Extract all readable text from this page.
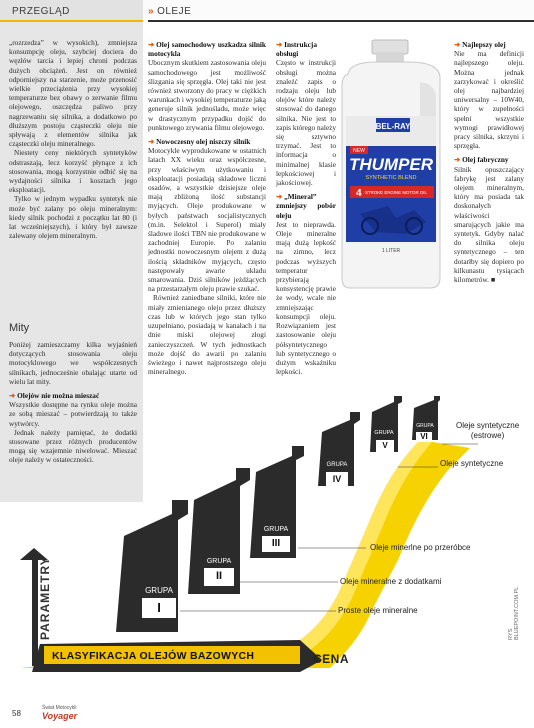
PRZEGLĄD	» OLEJE

„rozrzedza” w wysokich), zmniejsza konsumpcję oleju, szybciej dociera do węzłów tarcia i lepiej chroni podczas dużych obciążeń. Jest on również odporniejszy na starzenie, może przenosić wielkie przeciążenia przy wysokiej temperaturze bez obawy o zerwanie filmu olejowego, oszczędza paliwo przy nagrzewaniu się silnika, a dodatkowo po dłuższym postoju cząsteczki oleju nie spływają z elementów silnika jak cząsteczki oleju mineralnego.

Niestety ceny niektórych syntetyków odstraszają, lecz korzyść płynące z ich stosowania, mogą korzystnie odbić się na wydajności silnika i kosztach jego eksploatacji.

Tylko w jednym wypadku syntetyk nie może być zalany po oleju mineralnym: kiedy silnik pochodzi z początku lat 80 (i lat wcześniejszych), i który był zawsze zalewany olejem mineralnym.

Mity

Poniżej zamieszczamy kilka wyjaśnień dotyczących stosowania oleju motocyklowego we współczesnych silnikach, jednocześnie obalając utarte od wielu lat mity.

➜ Olejów nie można mieszać

Wszystkie dostępne na rynku oleje można ze sobą mieszać – potwierdzają to także wytwórcy.

Jednak należy pamiętać, że dodatki stosowane przez różnych producentów mogą się wzajemnie niwelować. Mieszać oleje należy w ostateczności.

➜ Olej samochodowy uszkadza silnik motocykla

Ubocznym skutkiem zastosowania oleju samochodowego jest możliwość ślizgania się sprzęgła. Olej taki nie jest również stworzony do pracy w ciężkich warunkach i wysokiej temperaturze jaką generuje silnik jednośladu, może więc w drastycznym przypadku dojść do punktowego zrywania filmu olejowego.

➜ Nowoczesny olej niszczy silnik

Motocykle wyprodukowane w ostatnich latach XX wieku oraz współczesne, przy właściwym użytkowaniu i eksploatacji posiadają składowe liczni osadów, a wszystkie dzisiejsze oleje mają zbliżoną ilość substancji myjących. Oleje produkowane w byłych państwach socjalistycznych (m.in. Selektol i Superol) miały śladowe ilości TBN nie produkowane w zachodniej Europie. Po zalaniu jednostki nowoczesnym olejem z dużą ilością składników myjących, często następowały awarie układu smarowania. Dziś silników jeżdżących na przestarzałym oleju prawie szukać.

Również zaniedbane silniki, które nie miały zmienianego oleju przez dłuższy czas lub w których jego stan tylko uzupełniano, posiadają w kanałach i na dnie miski olejowej złogi zanieczyszczeń. W tych jednostkach może dojść do awarii po zalaniu świeżego i nawet najprostszego oleju mineralnego.

➜ Instrukcja obsługi

Często w instrukcji obsługi można znaleźć zapis o rodzaju oleju lub olejów które należy stosować do danego silnika. Nie jest to zapis którego należy się sztywno trzymać. Jest to informacja o minimalnej klasie lepkościowej i jakościowej.

➜ „Mineral” zmniejszy pobór oleju

Jest to nieprawda. Oleje mineralne mają dużą lepkość na zimno, lecz podczas wyższych temperatur przybierają konsystencję prawie że wody, wcale nie zmniejszając konsumpcji oleju. Rozwiązaniem jest zastosowanie oleju półsyntetycznego lub syntetycznego o dużym wskaźniku lepkości.

BEL-RAY
NEW
THUMPER
SYNTHETIC BLEND
4 STROKE ENGINE MOTOR OIL
1 LITER
➜ Najlepszy olej

Nie ma definicji najlepszego oleju. Można jednak zarzykować i określić olej najbardziej uniwersalny – 10W40, który w zupełności spełni wszystkie wymogi prawidłowej pracy silnika, skrzyni i sprzęgła.

➜ Olej fabryczny

Silnik opuszczający fabrykę jest zalany olejem mineralnym, który ma posiada tak doskonałych właściwości smarujących jakie ma syntetyk. Gdyby nalać do silnika oleju syntetycznego – ten dotarłby się dopiero po kilkunastu tysiącach kilometrów. ■

GRUPA
VI
GRUPA
V
GRUPA
IV
GRUPA
III
GRUPA
II
GRUPA
I
Oleje syntetyczne
(estrowe)
Oleje syntetyczne
Oleje minerlne po przeróbce
Oleje mineralne z dodatkami
Proste oleje mineralne
PARAMETRY
KLASYFIKACJA OLEJÓW BAZOWYCH	CENA
RYS. BLUEPOINT.COM.PL
58
Świat Motocykli
Voyager
